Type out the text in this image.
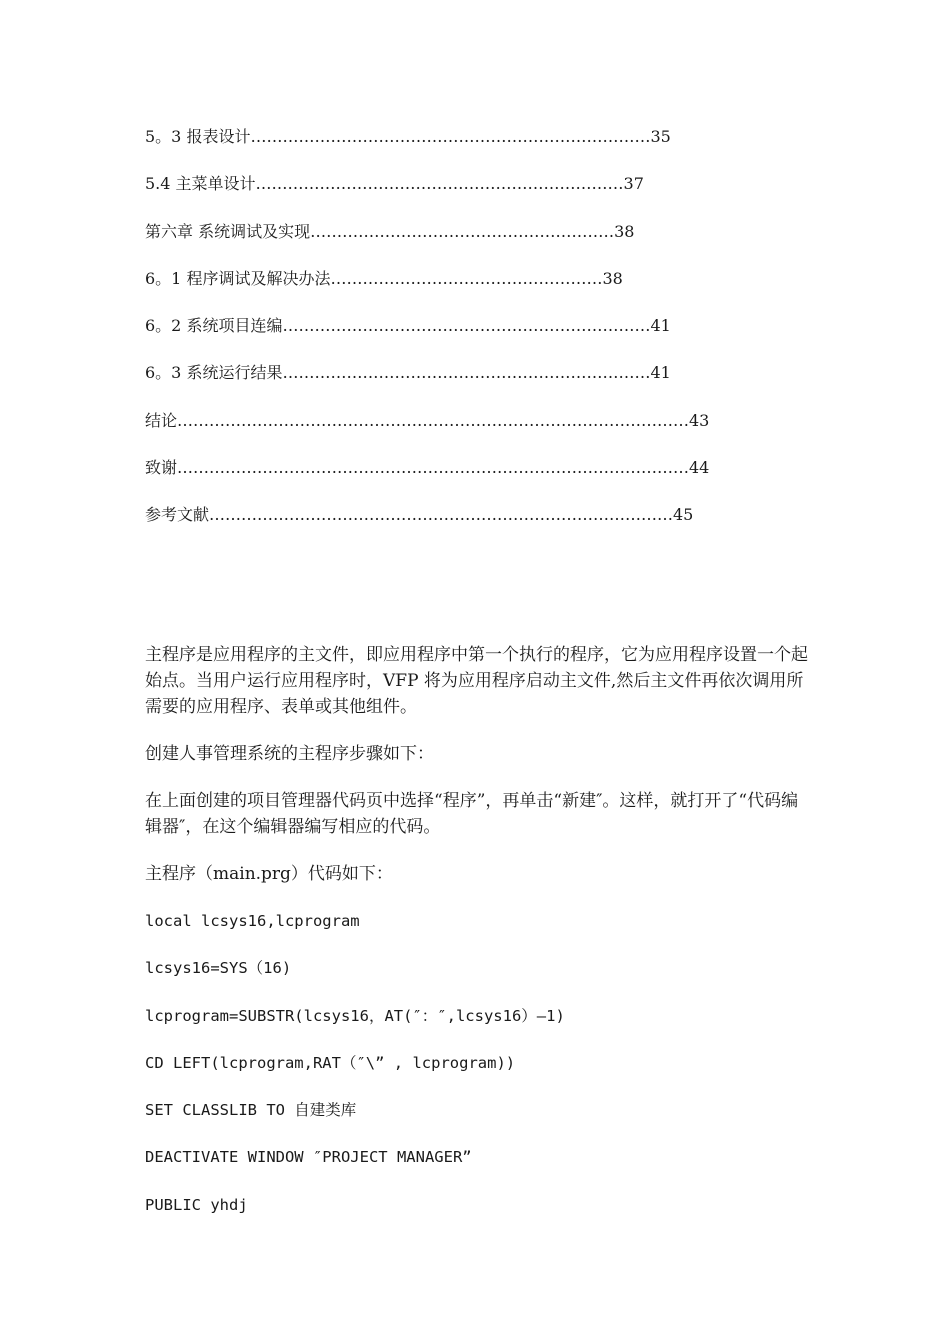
5。3 报表设计…………………………………………………………………35
5.4 主菜单设计……………………………………………………………37
第六章 系统调试及实现…………………………………………………38
6。1 程序调试及解决办法……………………………………………38
6。2 系统项目连编……………………………………………………………41
6。3 系统运行结果……………………………………………………………41
结论……………………………………………………………………………………43
致谢……………………………………………………………………………………44
参考文献……………………………………………………………………………45

主程序是应用程序的主文件，即应用程序中第一个执行的程序，它为应用程序设置一个起始点。当用户运行应用程序时，VFP 将为应用程序启动主文件,然后主文件再依次调用所需要的应用程序、表单或其他组件。

创建人事管理系统的主程序步骤如下：

在上面创建的项目管理器代码页中选择“程序”，再单击“新建″。这样，就打开了“代码编辑器″，在这个编辑器编写相应的代码。

主程序（main.prg）代码如下：

local lcsys16,lcprogram
lcsys16=SYS（16)
lcprogram=SUBSTR(lcsys16，AT(″：″,lcsys16）—1)
CD LEFT(lcprogram,RAT（″\” , lcprogram))
SET CLASSLIB TO 自建类库
DEACTIVATE WINDOW ″PROJECT MANAGER”
PUBLIC yhdj
